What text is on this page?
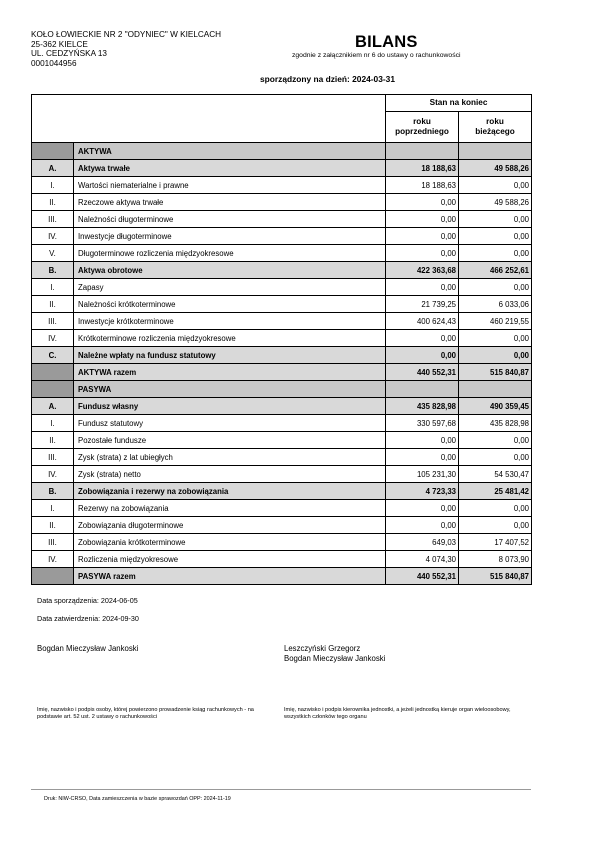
KOŁO ŁOWIECKIE NR 2 "ODYNIEC" W KIELCACH
25-362 KIELCE
UL. CEDZYŃSKA 13
0001044956
BILANS
zgodnie z załącznikiem nr 6 do ustawy o rachunkowości
sporządzony na dzień: 2024-03-31
		Stan na koniec	
		roku
poprzedniego	roku
bieżącego
	AKTYWA		
A.	Aktywa trwałe	18 188,63	49 588,26
I.	Wartości niematerialne i prawne	18 188,63	0,00
II.	Rzeczowe aktywa trwałe	0,00	49 588,26
III.	Należności długoterminowe	0,00	0,00
IV.	Inwestycje długoterminowe	0,00	0,00
V.	Długoterminowe rozliczenia międzyokresowe	0,00	0,00
B.	Aktywa obrotowe	422 363,68	466 252,61
I.	Zapasy	0,00	0,00
II.	Należności krótkoterminowe	21 739,25	6 033,06
III.	Inwestycje krótkoterminowe	400 624,43	460 219,55
IV.	Krótkoterminowe rozliczenia międzyokresowe	0,00	0,00
C.	Należne wpłaty na fundusz statutowy	0,00	0,00
	AKTYWA razem	440 552,31	515 840,87
	PASYWA		
A.	Fundusz własny	435 828,98	490 359,45
I.	Fundusz statutowy	330 597,68	435 828,98
II.	Pozostałe fundusze	0,00	0,00
III.	Zysk (strata) z lat ubiegłych	0,00	0,00
IV.	Zysk (strata) netto	105 231,30	54 530,47
B.	Zobowiązania i rezerwy na zobowiązania	4 723,33	25 481,42
I.	Rezerwy na zobowiązania	0,00	0,00
II.	Zobowiązania długoterminowe	0,00	0,00
III.	Zobowiązania krótkoterminowe	649,03	17 407,52
IV.	Rozliczenia międzyokresowe	4 074,30	8 073,90
	PASYWA razem	440 552,31	515 840,87
Data sporządzenia: 2024-06-05
Data zatwierdzenia: 2024-09-30
Bogdan Mieczysław Jankoski	Leszczyński Grzegorz
Bogdan Mieczysław Jankoski
Imię, nazwisko i podpis osoby, której powierzono prowadzenie ksiąg rachunkowych - na podstawie art. 52 ust. 2 ustawy o rachunkowości
Imię, nazwisko i podpis kierownika jednostki, a jeżeli jednostką kieruje organ wieloosobowy, wszystkich członków tego organu
Druk: NIW-CRSO, Data zamieszczenia w bazie sprawozdań OPP: 2024-11-19
